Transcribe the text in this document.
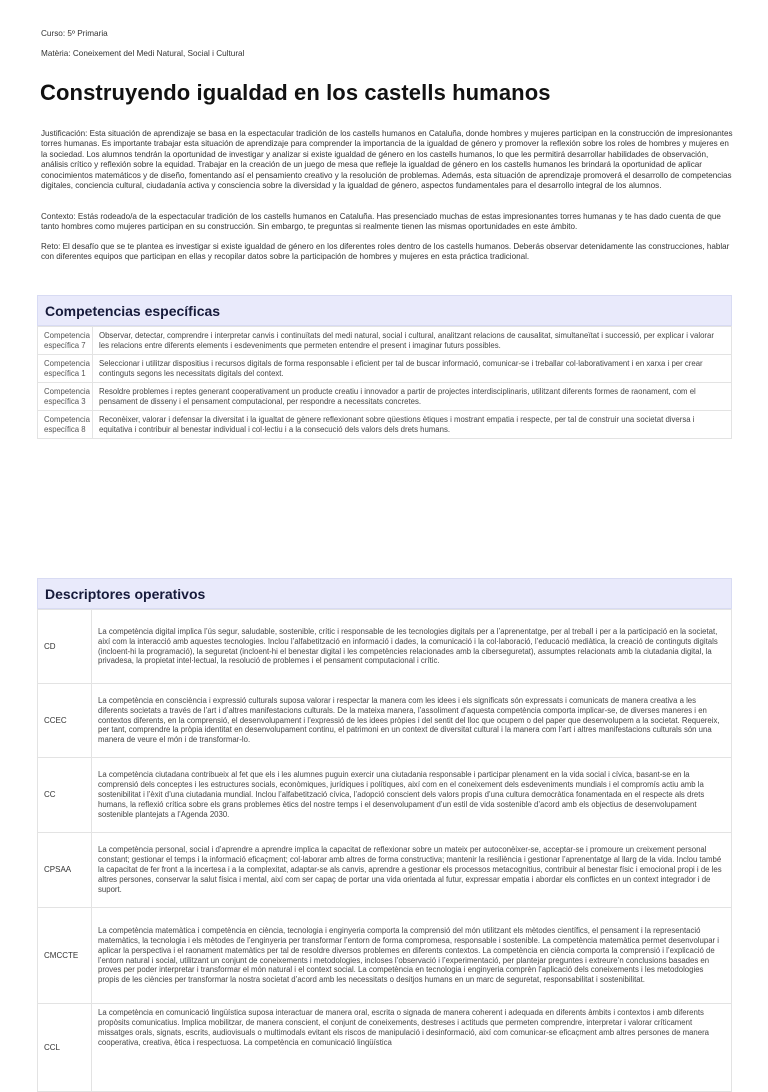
Curso: 5º Primaria
Matèria: Coneixement del Medi Natural, Social i Cultural
Construyendo igualdad en los castells humanos

Justificación: Esta situación de aprendizaje se basa en la espectacular tradición de los castells humanos en Cataluña, donde hombres y mujeres participan en la construcción de impresionantes torres humanas. Es importante trabajar esta situación de aprendizaje para comprender la importancia de la igualdad de género y promover la reflexión sobre los roles de hombres y mujeres en la sociedad. Los alumnos tendrán la oportunidad de investigar y analizar si existe igualdad de género en los castells humanos, lo que les permitirá desarrollar habilidades de observación, análisis crítico y reflexión sobre la equidad. Trabajar en la creación de un juego de mesa que refleje la igualdad de género en los castells humanos les brindará la oportunidad de aplicar conocimientos matemáticos y de diseño, fomentando así el pensamiento creativo y la resolución de problemas. Además, esta situación de aprendizaje promoverá el desarrollo de competencias digitales, conciencia cultural, ciudadanía activa y consciencia sobre la diversidad y la igualdad de género, aspectos fundamentales para el desarrollo integral de los alumnos.

Contexto: Estás rodeado/a de la espectacular tradición de los castells humanos en Cataluña. Has presenciado muchas de estas impresionantes torres humanas y te has dado cuenta de que tanto hombres como mujeres participan en su construcción. Sin embargo, te preguntas si realmente tienen las mismas oportunidades en este ámbito.

Reto: El desafío que se te plantea es investigar si existe igualdad de género en los diferentes roles dentro de los castells humanos. Deberás observar detenidamente las construcciones, hablar con diferentes equipos que participan en ellas y recopilar datos sobre la participación de hombres y mujeres en esta práctica tradicional.

Competencias específicas
Competencia específica 7	Observar, detectar, comprendre i interpretar canvis i continuïtats del medi natural, social i cultural, analitzant relacions de causalitat, simultaneïtat i successió, per explicar i valorar les relacions entre diferents elements i esdeveniments que permeten entendre el present i imaginar futurs possibles.
Competencia específica 1	Seleccionar i utilitzar dispositius i recursos digitals de forma responsable i eficient per tal de buscar informació, comunicar-se i treballar col·laborativament i en xarxa i per crear continguts segons les necessitats digitals del context.
Competencia específica 3	Resoldre problemes i reptes generant cooperativament un producte creatiu i innovador a partir de projectes interdisciplinaris, utilitzant diferents formes de raonament, com el pensament de disseny i el pensament computacional, per respondre a necessitats concretes.
Competencia específica 8	Reconèixer, valorar i defensar la diversitat i la igualtat de gènere reflexionant sobre qüestions ètiques i mostrant empatia i respecte, per tal de construir una societat diversa i equitativa i contribuir al benestar individual i col·lectiu i a la consecució dels valors dels drets humans.
Descriptores operativos
CD	La competència digital implica l’ús segur, saludable, sostenible, crític i responsable de les tecnologies digitals per a l’aprenentatge, per al treball i per a la participació en la societat, així com la interacció amb aquestes tecnologies. Inclou l’alfabetització en informació i dades, la comunicació i la col·laboració, l’educació mediàtica, la creació de continguts digitals (incloent-hi la programació), la seguretat (incloent-hi el benestar digital i les competències relacionades amb la ciberseguretat), assumptes relacionats amb la ciutadania digital, la privadesa, la propietat intel·lectual, la resolució de problemes i el pensament computacional i crític.
CCEC	La competència en consciència i expressió culturals suposa valorar i respectar la manera com les idees i els significats són expressats i comunicats de manera creativa a les diferents societats a través de l’art i d’altres manifestacions culturals. De la mateixa manera, l’assoliment d’aquesta competència comporta implicar-se, de diverses maneres i en contextos diferents, en la comprensió, el desenvolupament i l’expressió de les idees pròpies i del sentit del lloc que ocupem o del paper que desenvolupem a la societat. Requereix, per tant, comprendre la pròpia identitat en desenvolupament continu, el patrimoni en un context de diversitat cultural i la manera com l’art i altres manifestacions culturals són una manera de veure el món i de transformar-lo.
CC	La competència ciutadana contribueix al fet que els i les alumnes puguin exercir una ciutadania responsable i participar plenament en la vida social i cívica, basant-se en la comprensió dels conceptes i les estructures socials, econòmiques, jurídiques i polítiques, així com en el coneixement dels esdeveniments mundials i el compromís actiu amb la sostenibilitat i l’èxit d’una ciutadania mundial. Inclou l’alfabetització cívica, l’adopció conscient dels valors propis d’una cultura democràtica fonamentada en el respecte als drets humans, la reflexió crítica sobre els grans problemes ètics del nostre temps i el desenvolupament d’un estil de vida sostenible d’acord amb els objectius de desenvolupament sostenible plantejats a l’Agenda 2030.
CPSAA	La competència personal, social i d’aprendre a aprendre implica la capacitat de reflexionar sobre un mateix per autoconèixer-se, acceptar-se i promoure un creixement personal constant; gestionar el temps i la informació eficaçment; col·laborar amb altres de forma constructiva; mantenir la resiliència i gestionar l’aprenentatge al llarg de la vida. Inclou també la capacitat de fer front a la incertesa i a la complexitat, adaptar-se als canvis, aprendre a gestionar els processos metacognitius, contribuir al benestar físic i emocional propi i de les altres persones, conservar la salut física i mental, així com ser capaç de portar una vida orientada al futur, expressar empatia i abordar els conflictes en un context integrador i de suport.
CMCCTE	La competència matemàtica i competència en ciència, tecnologia i enginyeria comporta la comprensió del món utilitzant els mètodes científics, el pensament i la representació matemàtics, la tecnologia i els mètodes de l’enginyeria per transformar l’entorn de forma compromesa, responsable i sostenible. La competència matemàtica permet desenvolupar i aplicar la perspectiva i el raonament matemàtics per tal de resoldre diversos problemes en diferents contextos. La competència en ciència comporta la comprensió i l’explicació de l’entorn natural i social, utilitzant un conjunt de coneixements i metodologies, incloses l’observació i l’experimentació, per plantejar preguntes i extreure’n conclusions basades en proves per poder interpretar i transformar el món natural i el context social. La competència en tecnologia i enginyeria comprèn l’aplicació dels coneixements i les metodologies propis de les ciències per transformar la nostra societat d’acord amb les necessitats o desitjos humans en un marc de seguretat, responsabilitat i sostenibilitat.
CCL	La competència en comunicació lingüística suposa interactuar de manera oral, escrita o signada de manera coherent i adequada en diferents àmbits i contextos i amb diferents propòsits comunicatius. Implica mobilitzar, de manera conscient, el conjunt de coneixements, destreses i actituds que permeten comprendre, interpretar i valorar críticament missatges orals, signats, escrits, audiovisuals o multimodals evitant els riscos de manipulació i desinformació, així com comunicar-se eficaçment amb altres persones de manera cooperativa, creativa, ètica i respectuosa. La competència en comunicació lingüística
